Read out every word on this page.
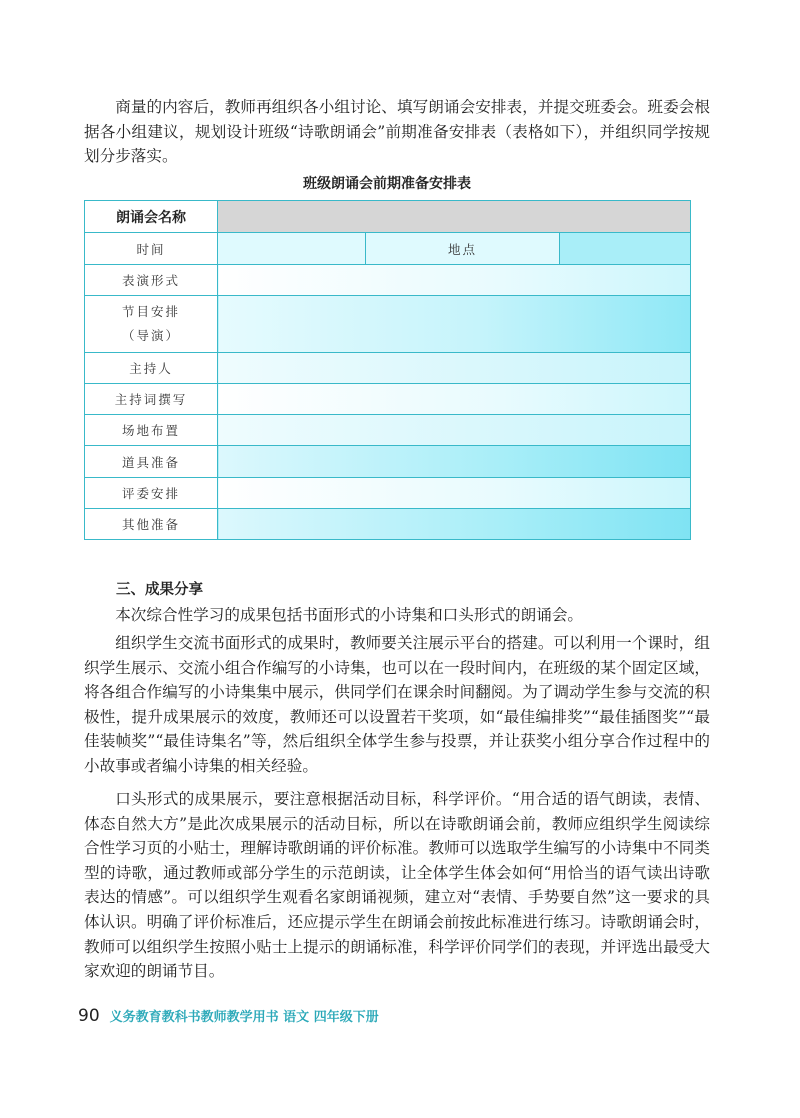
商量的内容后，教师再组织各小组讨论、填写朗诵会安排表，并提交班委会。班委会根据各小组建议，规划设计班级“诗歌朗诵会”前期准备安排表（表格如下），并组织同学按规划分步落实。

班级朗诵会前期准备安排表

朗诵会名称			
时间		地点	
表演形式			
节目安排（导演）			
主持人			
主持词撰写			
场地布置			
道具准备			
评委安排			
其他准备			

三、成果分享

本次综合性学习的成果包括书面形式的小诗集和口头形式的朗诵会。

组织学生交流书面形式的成果时，教师要关注展示平台的搭建。可以利用一个课时，组织学生展示、交流小组合作编写的小诗集，也可以在一段时间内，在班级的某个固定区域，将各组合作编写的小诗集集中展示，供同学们在课余时间翻阅。为了调动学生参与交流的积极性，提升成果展示的效度，教师还可以设置若干奖项，如“最佳编排奖”“最佳插图奖”“最佳装帧奖”“最佳诗集名”等，然后组织全体学生参与投票，并让获奖小组分享合作过程中的小故事或者编小诗集的相关经验。

口头形式的成果展示，要注意根据活动目标，科学评价。“用合适的语气朗读，表情、体态自然大方”是此次成果展示的活动目标，所以在诗歌朗诵会前，教师应组织学生阅读综合性学习页的小贴士，理解诗歌朗诵的评价标准。教师可以选取学生编写的小诗集中不同类型的诗歌，通过教师或部分学生的示范朗读，让全体学生体会如何“用恰当的语气读出诗歌表达的情感”。可以组织学生观看名家朗诵视频，建立对“表情、手势要自然”这一要求的具体认识。明确了评价标准后，还应提示学生在朗诵会前按此标准进行练习。诗歌朗诵会时，教师可以组织学生按照小贴士上提示的朗诵标准，科学评价同学们的表现，并评选出最受大家欢迎的朗诵节目。

90 义务教育教科书教师教学用书 语文 四年级下册
